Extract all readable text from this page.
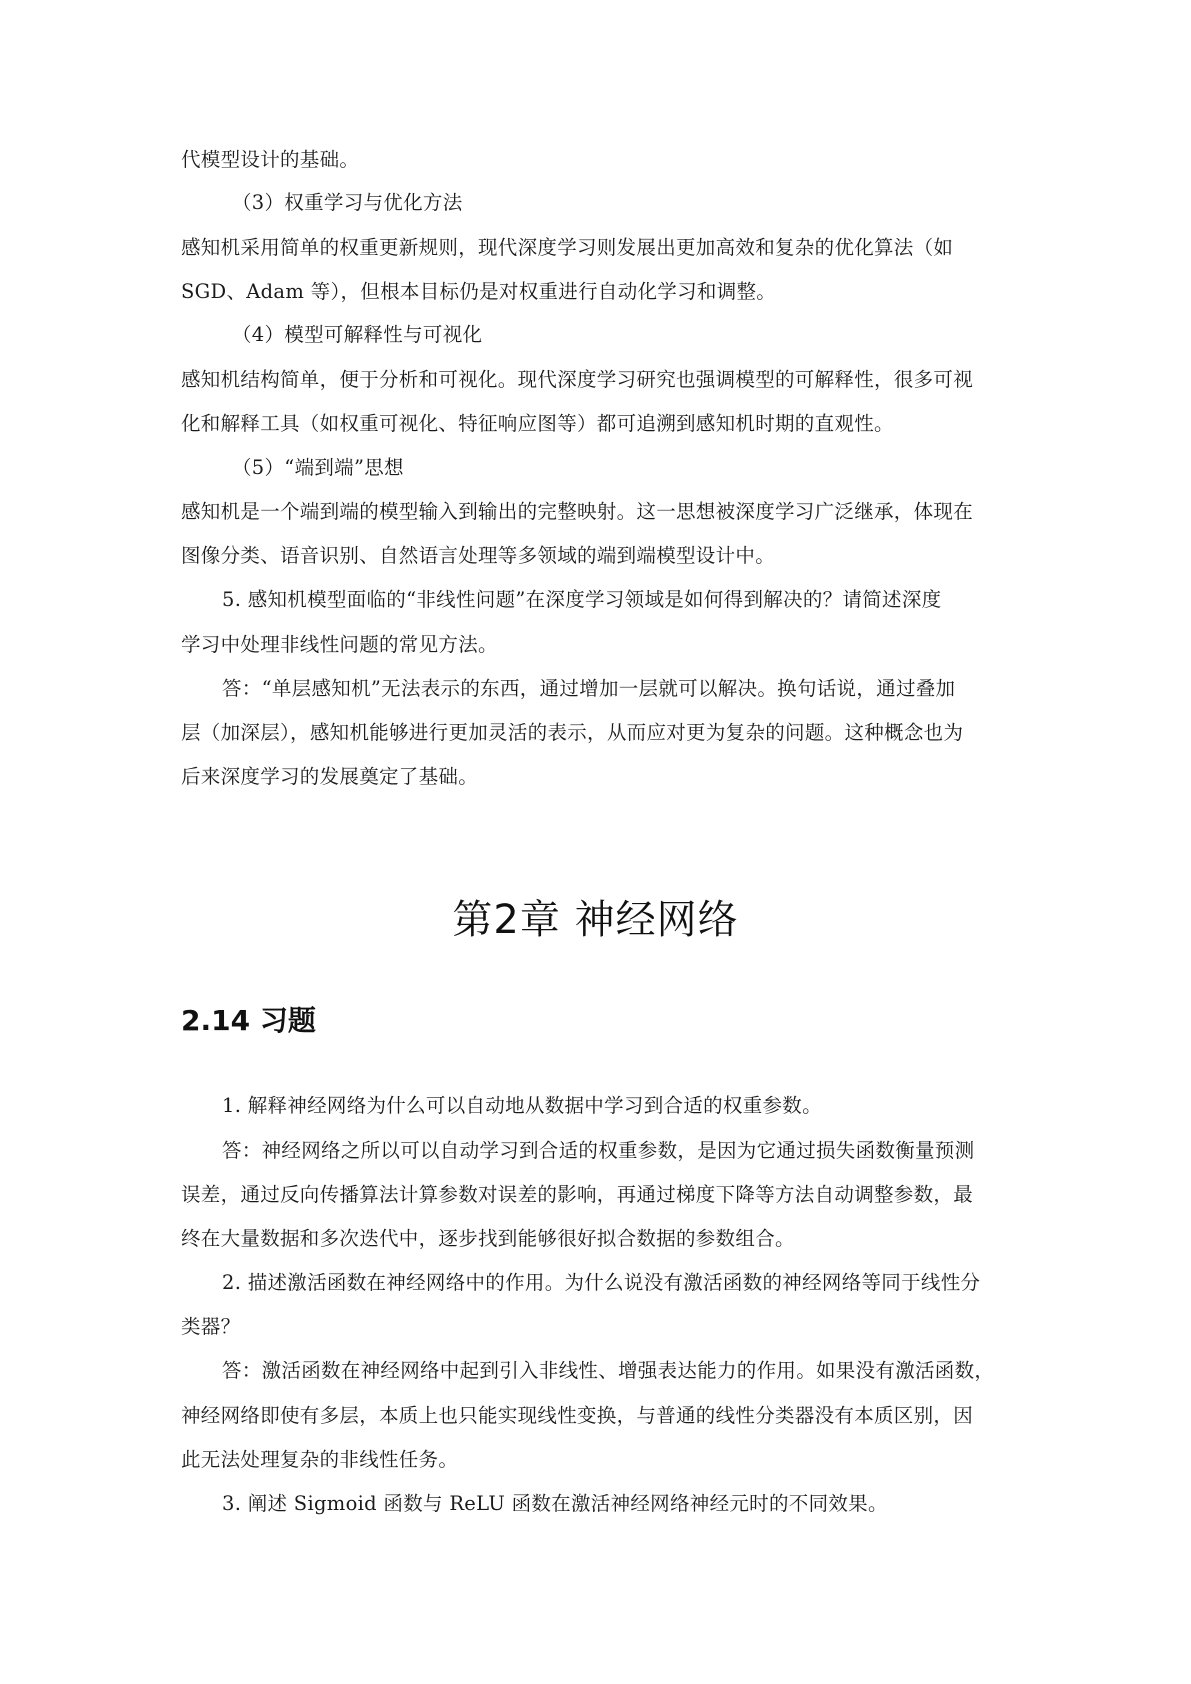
代模型设计的基础。
（3）权重学习与优化方法
感知机采用简单的权重更新规则，现代深度学习则发展出更加高效和复杂的优化算法（如
SGD、Adam 等），但根本目标仍是对权重进行自动化学习和调整。
（4）模型可解释性与可视化
感知机结构简单，便于分析和可视化。现代深度学习研究也强调模型的可解释性，很多可视
化和解释工具（如权重可视化、特征响应图等）都可追溯到感知机时期的直观性。
（5）“端到端”思想
感知机是一个端到端的模型输入到输出的完整映射。这一思想被深度学习广泛继承，体现在
图像分类、语音识别、自然语言处理等多领域的端到端模型设计中。
5. 感知机模型面临的“非线性问题”在深度学习领域是如何得到解决的？请简述深度
学习中处理非线性问题的常见方法。
答：“单层感知机”无法表示的东西，通过增加一层就可以解决。换句话说，通过叠加
层（加深层），感知机能够进行更加灵活的表示，从而应对更为复杂的问题。这种概念也为
后来深度学习的发展奠定了基础。
第2章 神经网络
2.14 习题
1. 解释神经网络为什么可以自动地从数据中学习到合适的权重参数。
答：神经网络之所以可以自动学习到合适的权重参数，是因为它通过损失函数衡量预测
误差，通过反向传播算法计算参数对误差的影响，再通过梯度下降等方法自动调整参数，最
终在大量数据和多次迭代中，逐步找到能够很好拟合数据的参数组合。
2. 描述激活函数在神经网络中的作用。为什么说没有激活函数的神经网络等同于线性分
类器？
答：激活函数在神经网络中起到引入非线性、增强表达能力的作用。如果没有激活函数，
神经网络即使有多层，本质上也只能实现线性变换，与普通的线性分类器没有本质区别，因
此无法处理复杂的非线性任务。
3. 阐述 Sigmoid 函数与 ReLU 函数在激活神经网络神经元时的不同效果。
